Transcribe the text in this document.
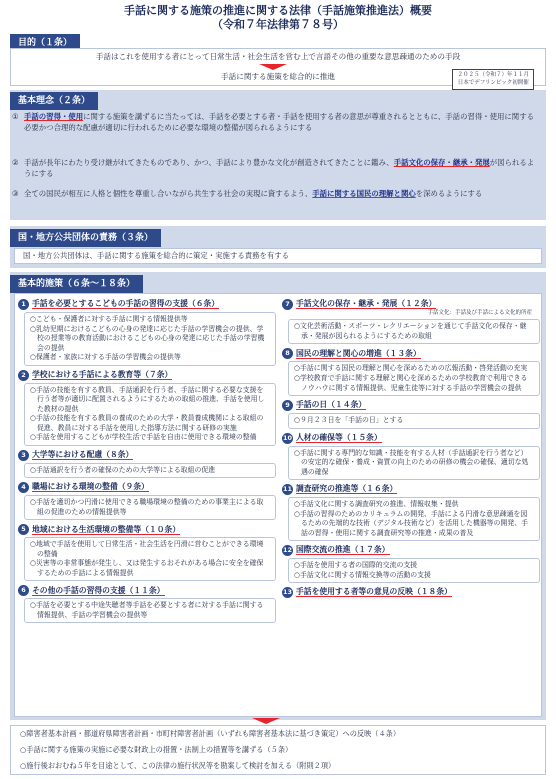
手話に関する施策の推進に関する法律（手話施策推進法）概要
（令和７年法律第７８号）
目的（１条）
手話はこれを使用する者にとって日常生活・社会生活を営む上で言語その他の重要な意思疎通のための手段
手話に関する施策を総合的に推進	２０２５（令和７）年１１月
日本でデフリンピック初開催
基本理念（２条）
① 手話の習得・使用に関する施策を講ずるに当たっては、手話を必要とする者・手話を使用する者の意思が尊重されるとともに、手話の習得・使用に関する必要かつ合理的な配慮が適切に行われるために必要な環境の整備が図られるようにする
② 手話が長年にわたり受け継がれてきたものであり、かつ、手話により豊かな文化が創造されてきたことに鑑み、手話文化の保存・継承・発展が図られるようにする
③ 全ての国民が相互に人格と個性を尊重し合いながら共生する社会の実現に資するよう、手話に関する国民の理解と関心を深めるようにする
国・地方公共団体の責務（３条）
国・地方公共団体は、手話に関する施策を総合的に策定・実施する責務を有する
基本的施策（６条〜１８条）
1 手話を必要とするこどもの手話の習得の支援（６条）

○こども・保護者に対する手話に関する情報提供等

○乳幼児期におけるこどもの心身の発達に応じた手話の学習機会の提供、学校の授業等の教育活動におけるこどもの心身の発達に応じた手話の学習機会の提供

○保護者・家族に対する手話の学習機会の提供等

2 学校における手話による教育等（７条）

○手話の技能を有する教員、手話通訳を行う者、手話に関する必要な支援を行う者等が適切に配置されるようにするための取組の推進、手話を使用した教材の提供

○手話の技能を有する教員の養成のための大学・教員養成機関による取組の促進、教員に対する手話を使用した指導方法に関する研修の実施

○手話を使用するこどもが学校生活で手話を自由に使用できる環境の整備

3 大学等における配慮（８条）

○手話通訳を行う者の確保のための大学等による取組の促進

4 職場における環境の整備（９条）

○手話を適切かつ円滑に使用できる職場環境の整備のための事業主による取組の促進のための情報提供等

5 地域における生活環境の整備等（１０条）

○地域で手話を使用して日常生活・社会生活を円滑に営むことができる環境の整備

○災害等の非常事態が発生し、又は発生するおそれがある場合に安全を確保するための手話による情報提供

6 その他の手話の習得の支援（１１条）

○手話を必要とする中途失聴者等手話を必要とする者に対する手話に関する情報提供、手話の学習機会の提供等

7 手話文化の保存・継承・発展（１２条）
手話文化：手話及び手話による文化的所産

○文化芸術活動・スポーツ・レクリエーションを通じて手話文化の保存・継承・発展が図られるようにするための取組

8 国民の理解と関心の増進（１３条）

○手話に関する国民の理解と関心を深めるための広報活動・啓発活動の充実

○学校教育で手話に関する理解と関心を深めるための学校教育で利用できるノウハウに関する情報提供、児童生徒等に対する手話の学習機会の提供

9 手話の日（１４条）

○９月２３日を「手話の日」とする

10 人材の確保等（１５条）

○手話に関する専門的な知識・技能を有する人材（手話通訳を行う者など）の安定的な確保・養成・資質の向上のための研修の機会の確保、適切な処遇の確保

11 調査研究の推進等（１６条）

○手話文化に関する調査研究の推進、情報収集・提供

○手話の習得のためのカリキュラムの開発、手話による円滑な意思疎通を図るための先端的な技術（デジタル技術など）を活用した機器等の開発、手話の習得・使用に関する調査研究等の推進・成果の普及

12 国際交流の推進（１７条）

○手話を使用する者の国際的交流の支援

○手話文化に関する情報交換等の活動の支援

13 手話を使用する者等の意見の反映（１８条）
○障害者基本計画・都道府県障害者計画・市町村障害者計画（いずれも障害者基本法に基づき策定）への反映（４条）
○手話に関する施策の実施に必要な財政上の措置・法制上の措置等を講ずる（５条）
○施行後おおむね５年を目途として、この法律の施行状況等を勘案して検討を加える（附則２項）
